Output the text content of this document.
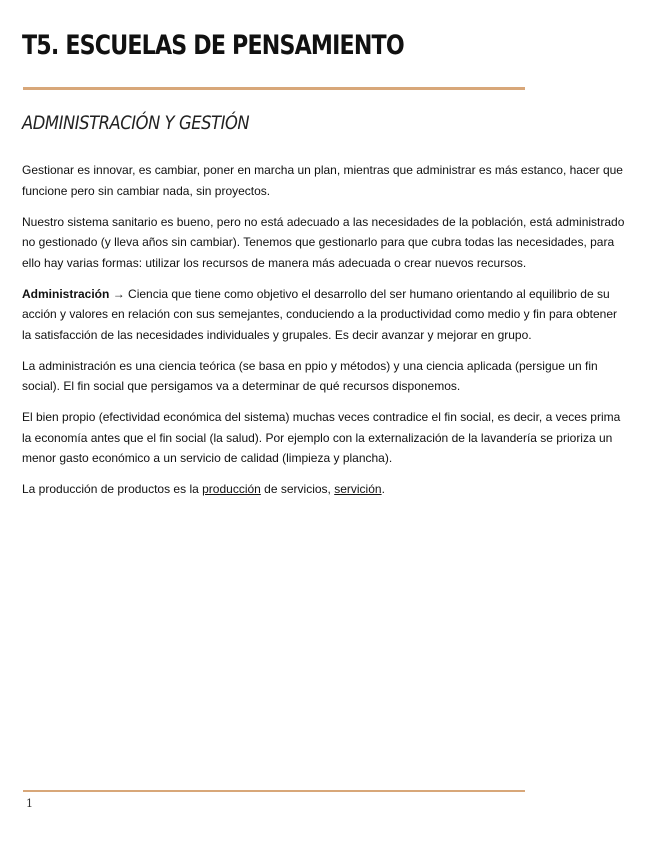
T5. ESCUELAS DE PENSAMIENTO
ADMINISTRACIÓN Y GESTIÓN

Gestionar es innovar, es cambiar, poner en marcha un plan, mientras que administrar es más estanco, hacer que funcione pero sin cambiar nada, sin proyectos.

Nuestro sistema sanitario es bueno, pero no está adecuado a las necesidades de la población, está administrado no gestionado (y lleva años sin cambiar). Tenemos que gestionarlo para que cubra todas las necesidades, para ello hay varias formas: utilizar los recursos de manera más adecuada o crear nuevos recursos.

Administración → Ciencia que tiene como objetivo el desarrollo del ser humano orientando al equilibrio de su acción y valores en relación con sus semejantes, conduciendo a la productividad como medio y fin para obtener la satisfacción de las necesidades individuales y grupales. Es decir avanzar y mejorar en grupo.

La administración es una ciencia teórica (se basa en ppio y métodos) y una ciencia aplicada (persigue un fin social). El fin social que persigamos va a determinar de qué recursos disponemos.

El bien propio (efectividad económica del sistema) muchas veces contradice el fin social, es decir, a veces prima la economía antes que el fin social (la salud). Por ejemplo con la externalización de la lavandería se prioriza un menor gasto económico a un servicio de calidad (limpieza y plancha).

La producción de productos es la producción de servicios, servición.

1
